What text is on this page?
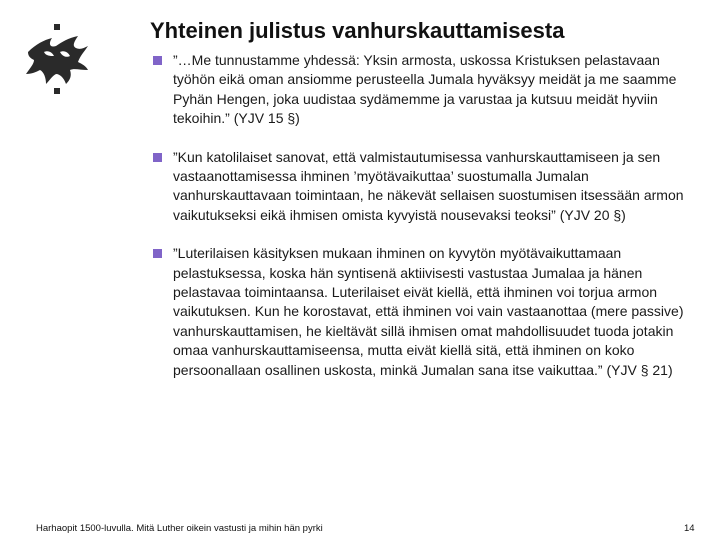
Yhteinen julistus vanhurskauttamisesta
”…Me tunnustamme yhdessä: Yksin armosta, uskossa Kristuksen pelastavaan työhön eikä oman ansiomme perusteella Jumala hyväksyy meidät ja me saamme Pyhän Hengen, joka uudistaa sydämemme ja varustaa ja kutsuu meidät hyviin tekoihin.” (YJV 15 §)
”Kun katolilaiset sanovat, että valmistautumisessa vanhurskauttamiseen ja sen vastaanottamisessa ihminen ’myötävaikuttaa’ suostumalla Jumalan vanhurskauttavaan toimintaan, he näkevät sellaisen suostumisen itsessään armon vaikutukseksi eikä ihmisen omista kyvyistä nousevaksi teoksi” (YJV 20 §)
”Luterilaisen käsityksen mukaan ihminen on kyvytön myötävaikuttamaan pelastuksessa, koska hän syntisenä aktiivisesti vastustaa Jumalaa ja hänen pelastavaa toimintaansa. Luterilaiset eivät kiellä, että ihminen voi torjua armon vaikutuksen. Kun he korostavat, että ihminen voi vain vastaanottaa (mere passive) vanhurskauttamisen, he kieltävät sillä ihmisen omat mahdollisuudet tuoda jotakin omaa vanhurskauttamiseensa, mutta eivät kiellä sitä, että ihminen on koko persoonallaan osallinen uskosta, minkä Jumalan sana itse vaikuttaa.” (YJV § 21)
Harhaopit 1500-luvulla. Mitä Luther oikein vastusti ja mihin hän pyrki	14
